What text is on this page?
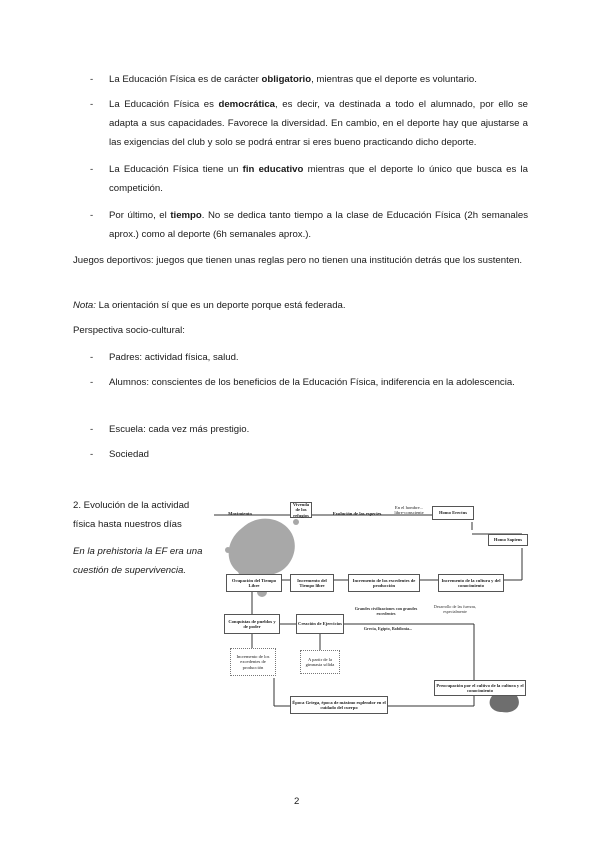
- La Educación Física es de carácter obligatorio, mientras que el deporte es voluntario.
- La Educación Física es democrática, es decir, va destinada a todo el alumnado, por ello se adapta a sus capacidades. Favorece la diversidad. En cambio, en el deporte hay que ajustarse a las exigencias del club y solo se podrá entrar si eres bueno practicando dicho deporte.
- La Educación Física tiene un fin educativo mientras que el deporte lo único que busca es la competición.
- Por último, el tiempo. No se dedica tanto tiempo a la clase de Educación Física (2h semanales aprox.) como al deporte (6h semanales aprox.).
Juegos deportivos: juegos que tienen unas reglas pero no tienen una institución detrás que los sustenten.
Nota: La orientación sí que es un deporte porque está federada.
Perspectiva socio-cultural:
- Padres: actividad física, salud.
- Alumnos: conscientes de los beneficios de la Educación Física, indiferencia en la adolescencia.
- Escuela: cada vez más prestigio.
- Sociedad
2. Evolución de la actividad
física hasta nuestros días
En la prehistoria la EF era una
cuestión de supervivencia.
Movimiento
Vivenda de los refugios	Evolución de las especies
En el hombre... libre-consciente	Homo Erectus
Homo Sapiens
Ocupación del Tiempo Libre
Incremento del Tiempo libre
Incremento de los excedentes de producción
Incremento de la cultura y del conocimiento
Conquistas de pueblos y de poder
Creación de Ejercicios
Grandes civilizaciones con grandes excedentes
Grecia, Egipto, Babilonia...
Desarrollo de las fuerzas, especialmente
Incremento de los excedentes de producción
A partir de la gimnasia sólida
Preocupación por el cultivo de la cultura y el conocimiento
Época Griega, época de máximo esplendor en el cuidado del cuerpo
2
